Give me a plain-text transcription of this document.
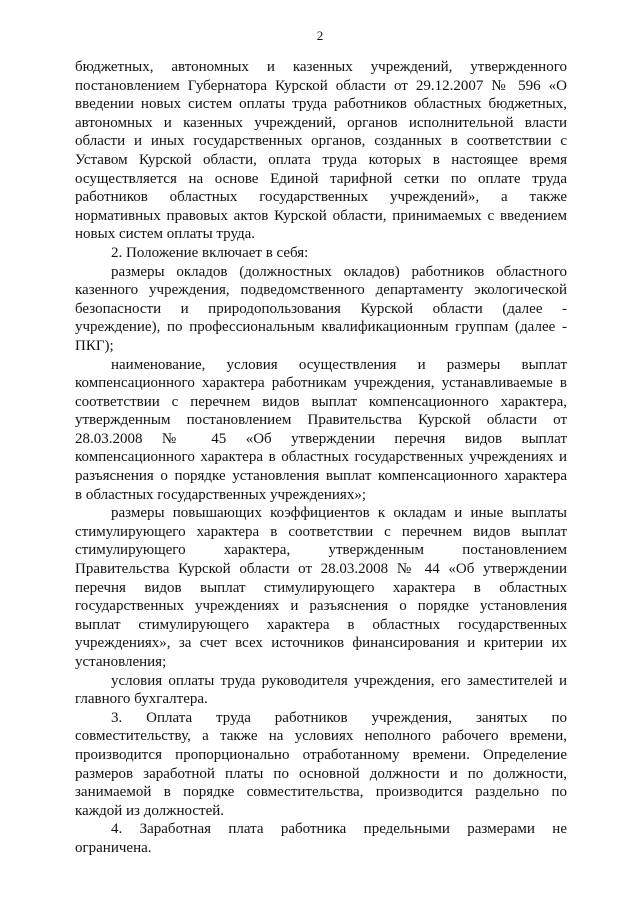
2
бюджетных, автономных и казенных учреждений, утвержденного
постановлением Губернатора Курской области от 29.12.2007 № 596 «О
введении новых систем оплаты труда работников областных бюджетных,
автономных и казенных учреждений, органов исполнительной власти
области и иных государственных органов, созданных в соответствии с
Уставом Курской области, оплата труда которых в настоящее время
осуществляется на основе Единой тарифной сетки по оплате труда
работников областных государственных учреждений», а также
нормативных правовых актов Курской области, принимаемых с введением
новых систем оплаты труда.
2. Положение включает в себя:
размеры окладов (должностных окладов) работников областного
казенного учреждения, подведомственного департаменту экологической
безопасности и природопользования Курской области (далее -
учреждение), по профессиональным квалификационным группам (далее -
ПКГ);
наименование, условия осуществления и размеры выплат
компенсационного характера работникам учреждения, устанавливаемые в
соответствии с перечнем видов выплат компенсационного характера,
утвержденным постановлением Правительства Курской области от
28.03.2008 № 45 «Об утверждении перечня видов выплат
компенсационного характера в областных государственных учреждениях и
разъяснения о порядке установления выплат компенсационного характера
в областных государственных учреждениях»;
размеры повышающих коэффициентов к окладам и иные выплаты
стимулирующего характера в соответствии с перечнем видов выплат
стимулирующего характера, утвержденным постановлением
Правительства Курской области от 28.03.2008 № 44 «Об утверждении
перечня видов выплат стимулирующего характера в областных
государственных учреждениях и разъяснения о порядке установления
выплат стимулирующего характера в областных государственных
учреждениях», за счет всех источников финансирования и критерии их
установления;
условия оплаты труда руководителя учреждения, его заместителей и
главного бухгалтера.
3. Оплата труда работников учреждения, занятых по
совместительству, а также на условиях неполного рабочего времени,
производится пропорционально отработанному времени. Определение
размеров заработной платы по основной должности и по должности,
занимаемой в порядке совместительства, производится раздельно по
каждой из должностей.
4. Заработная плата работника предельными размерами не
ограничена.
